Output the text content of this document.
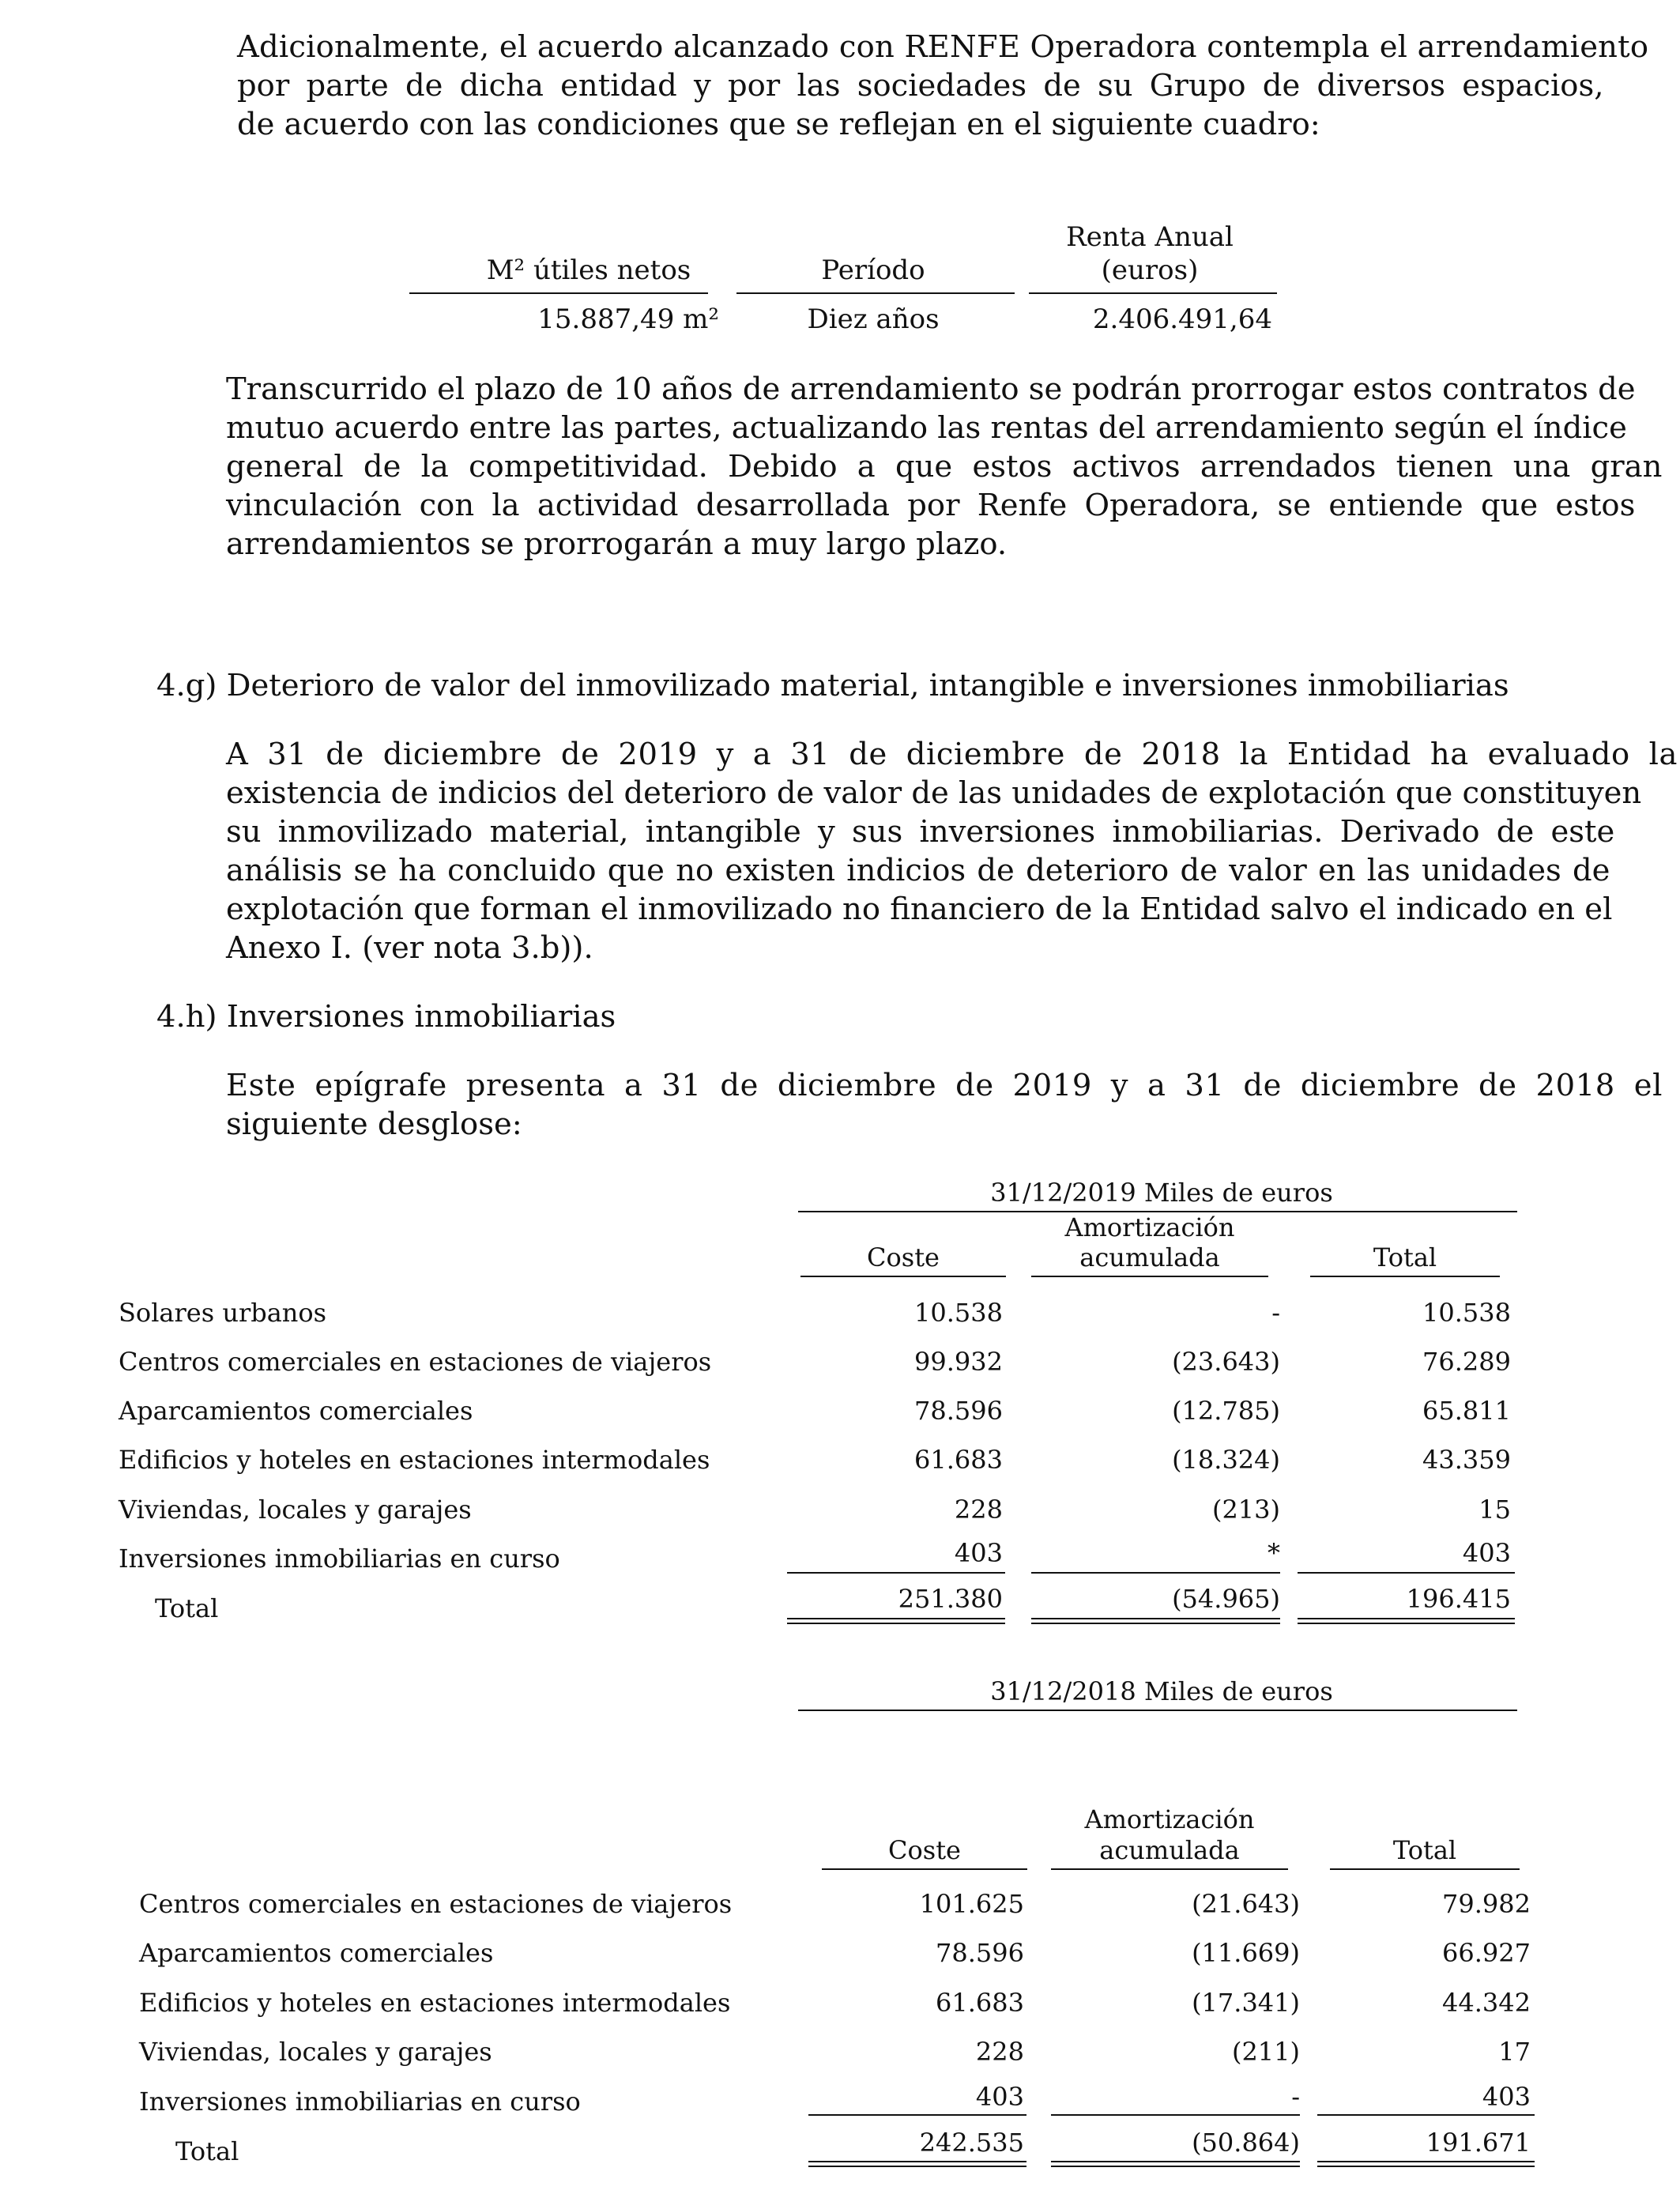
Adicionalmente, el acuerdo alcanzado con RENFE Operadora contempla el arrendamiento
por parte de dicha entidad y por las sociedades de su Grupo de diversos espacios,
de acuerdo con las condiciones que se reflejan en el siguiente cuadro:
M² útiles netos	Período
Renta Anual
(euros)
15.887,49 m²	Diez años	2.406.491,64
Transcurrido el plazo de 10 años de arrendamiento se podrán prorrogar estos contratos de
mutuo acuerdo entre las partes, actualizando las rentas del arrendamiento según el índice
general de la competitividad. Debido a que estos activos arrendados tienen una gran
vinculación con la actividad desarrollada por Renfe Operadora, se entiende que estos
arrendamientos se prorrogarán a muy largo plazo.
4.g) Deterioro de valor del inmovilizado material, intangible e inversiones inmobiliarias
A 31 de diciembre de 2019 y a 31 de diciembre de 2018 la Entidad ha evaluado la
existencia de indicios del deterioro de valor de las unidades de explotación que constituyen
su inmovilizado material, intangible y sus inversiones inmobiliarias. Derivado de este
análisis se ha concluido que no existen indicios de deterioro de valor en las unidades de
explotación que forman el inmovilizado no financiero de la Entidad salvo el indicado en el
Anexo I. (ver nota 3.b)).
4.h) Inversiones inmobiliarias
Este epígrafe presenta a 31 de diciembre de 2019 y a 31 de diciembre de 2018 el
siguiente desglose:
31/12/2019 Miles de euros
Amortización
Coste	acumulada	Total
Solares urbanos	10.538	-	10.538
Centros comerciales en estaciones de viajeros	99.932	(23.643)	76.289
Aparcamientos comerciales	78.596	(12.785)	65.811
Edificios y hoteles en estaciones intermodales	61.683	(18.324)	43.359
Viviendas, locales y garajes	228	(213)	15
Inversiones inmobiliarias en curso	403	*	403
Total	251.380	(54.965)	196.415
31/12/2018 Miles de euros
Amortización
Coste	acumulada	Total
Centros comerciales en estaciones de viajeros	101.625	(21.643)	79.982
Aparcamientos comerciales	78.596	(11.669)	66.927
Edificios y hoteles en estaciones intermodales	61.683	(17.341)	44.342
Viviendas, locales y garajes	228	(211)	17
Inversiones inmobiliarias en curso	403	-	403
Total	242.535	(50.864)	191.671
